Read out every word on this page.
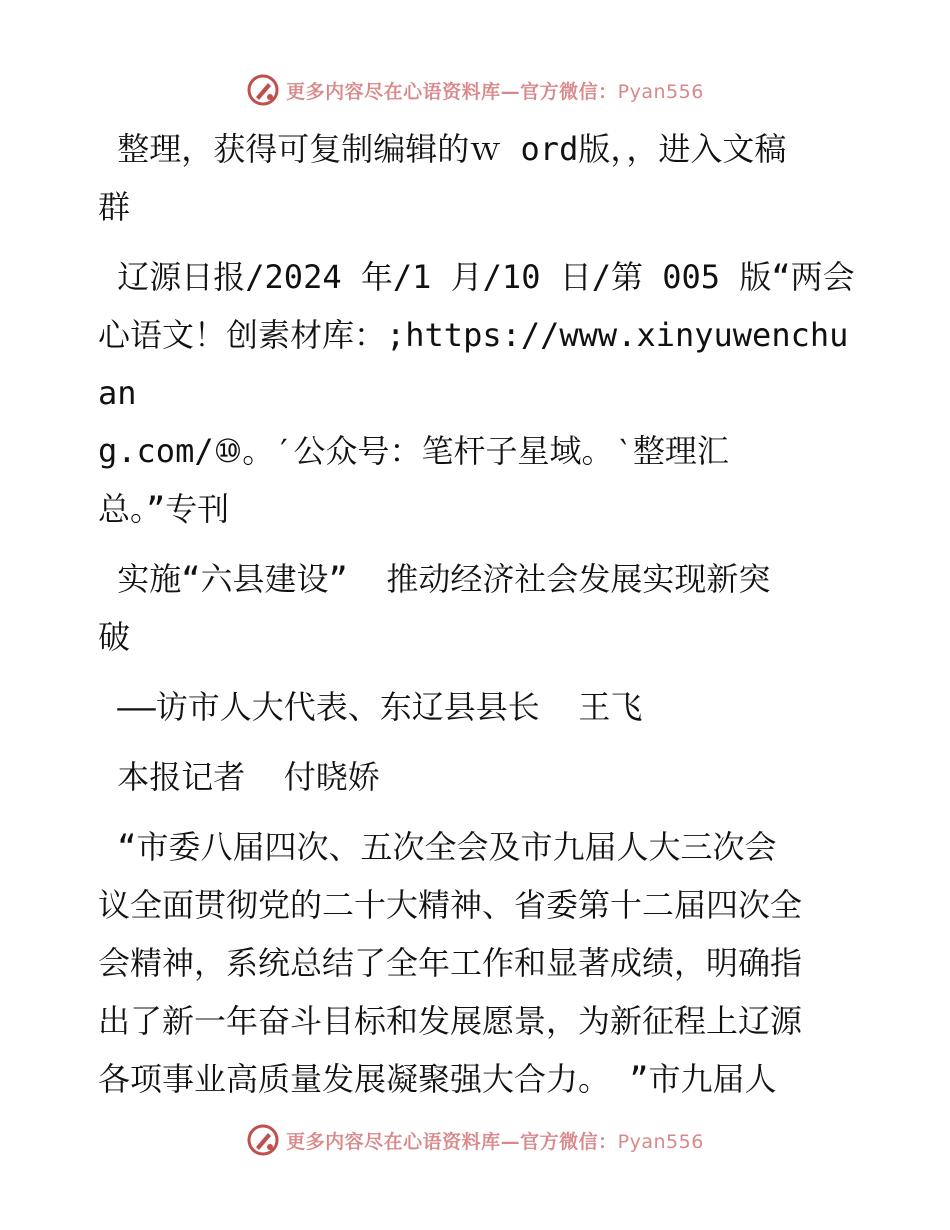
更多内容尽在心语资料库—官方微信：Pyan556

整理，获得可复制编辑的ｗ ord版，，进入文稿
群

辽源日报/2024 年/1 月/10 日/第 005 版“两会
心语文！创素材库：;https://www.xinyuwenchuan
g.com/⑩。′公众号：笔杆子星域。‵整理汇
总。”专刊

实施“六县建设”  推动经济社会发展实现新突
破

——访市人大代表、东辽县县长  王飞

本报记者  付晓娇

“市委八届四次、五次全会及市九届人大三次会
议全面贯彻党的二十大精神、省委第十二届四次全
会精神，系统总结了全年工作和显著成绩，明确指
出了新一年奋斗目标和发展愿景，为新征程上辽源
各项事业高质量发展凝聚强大合力。 ”市九届人

更多内容尽在心语资料库—官方微信：Pyan556
